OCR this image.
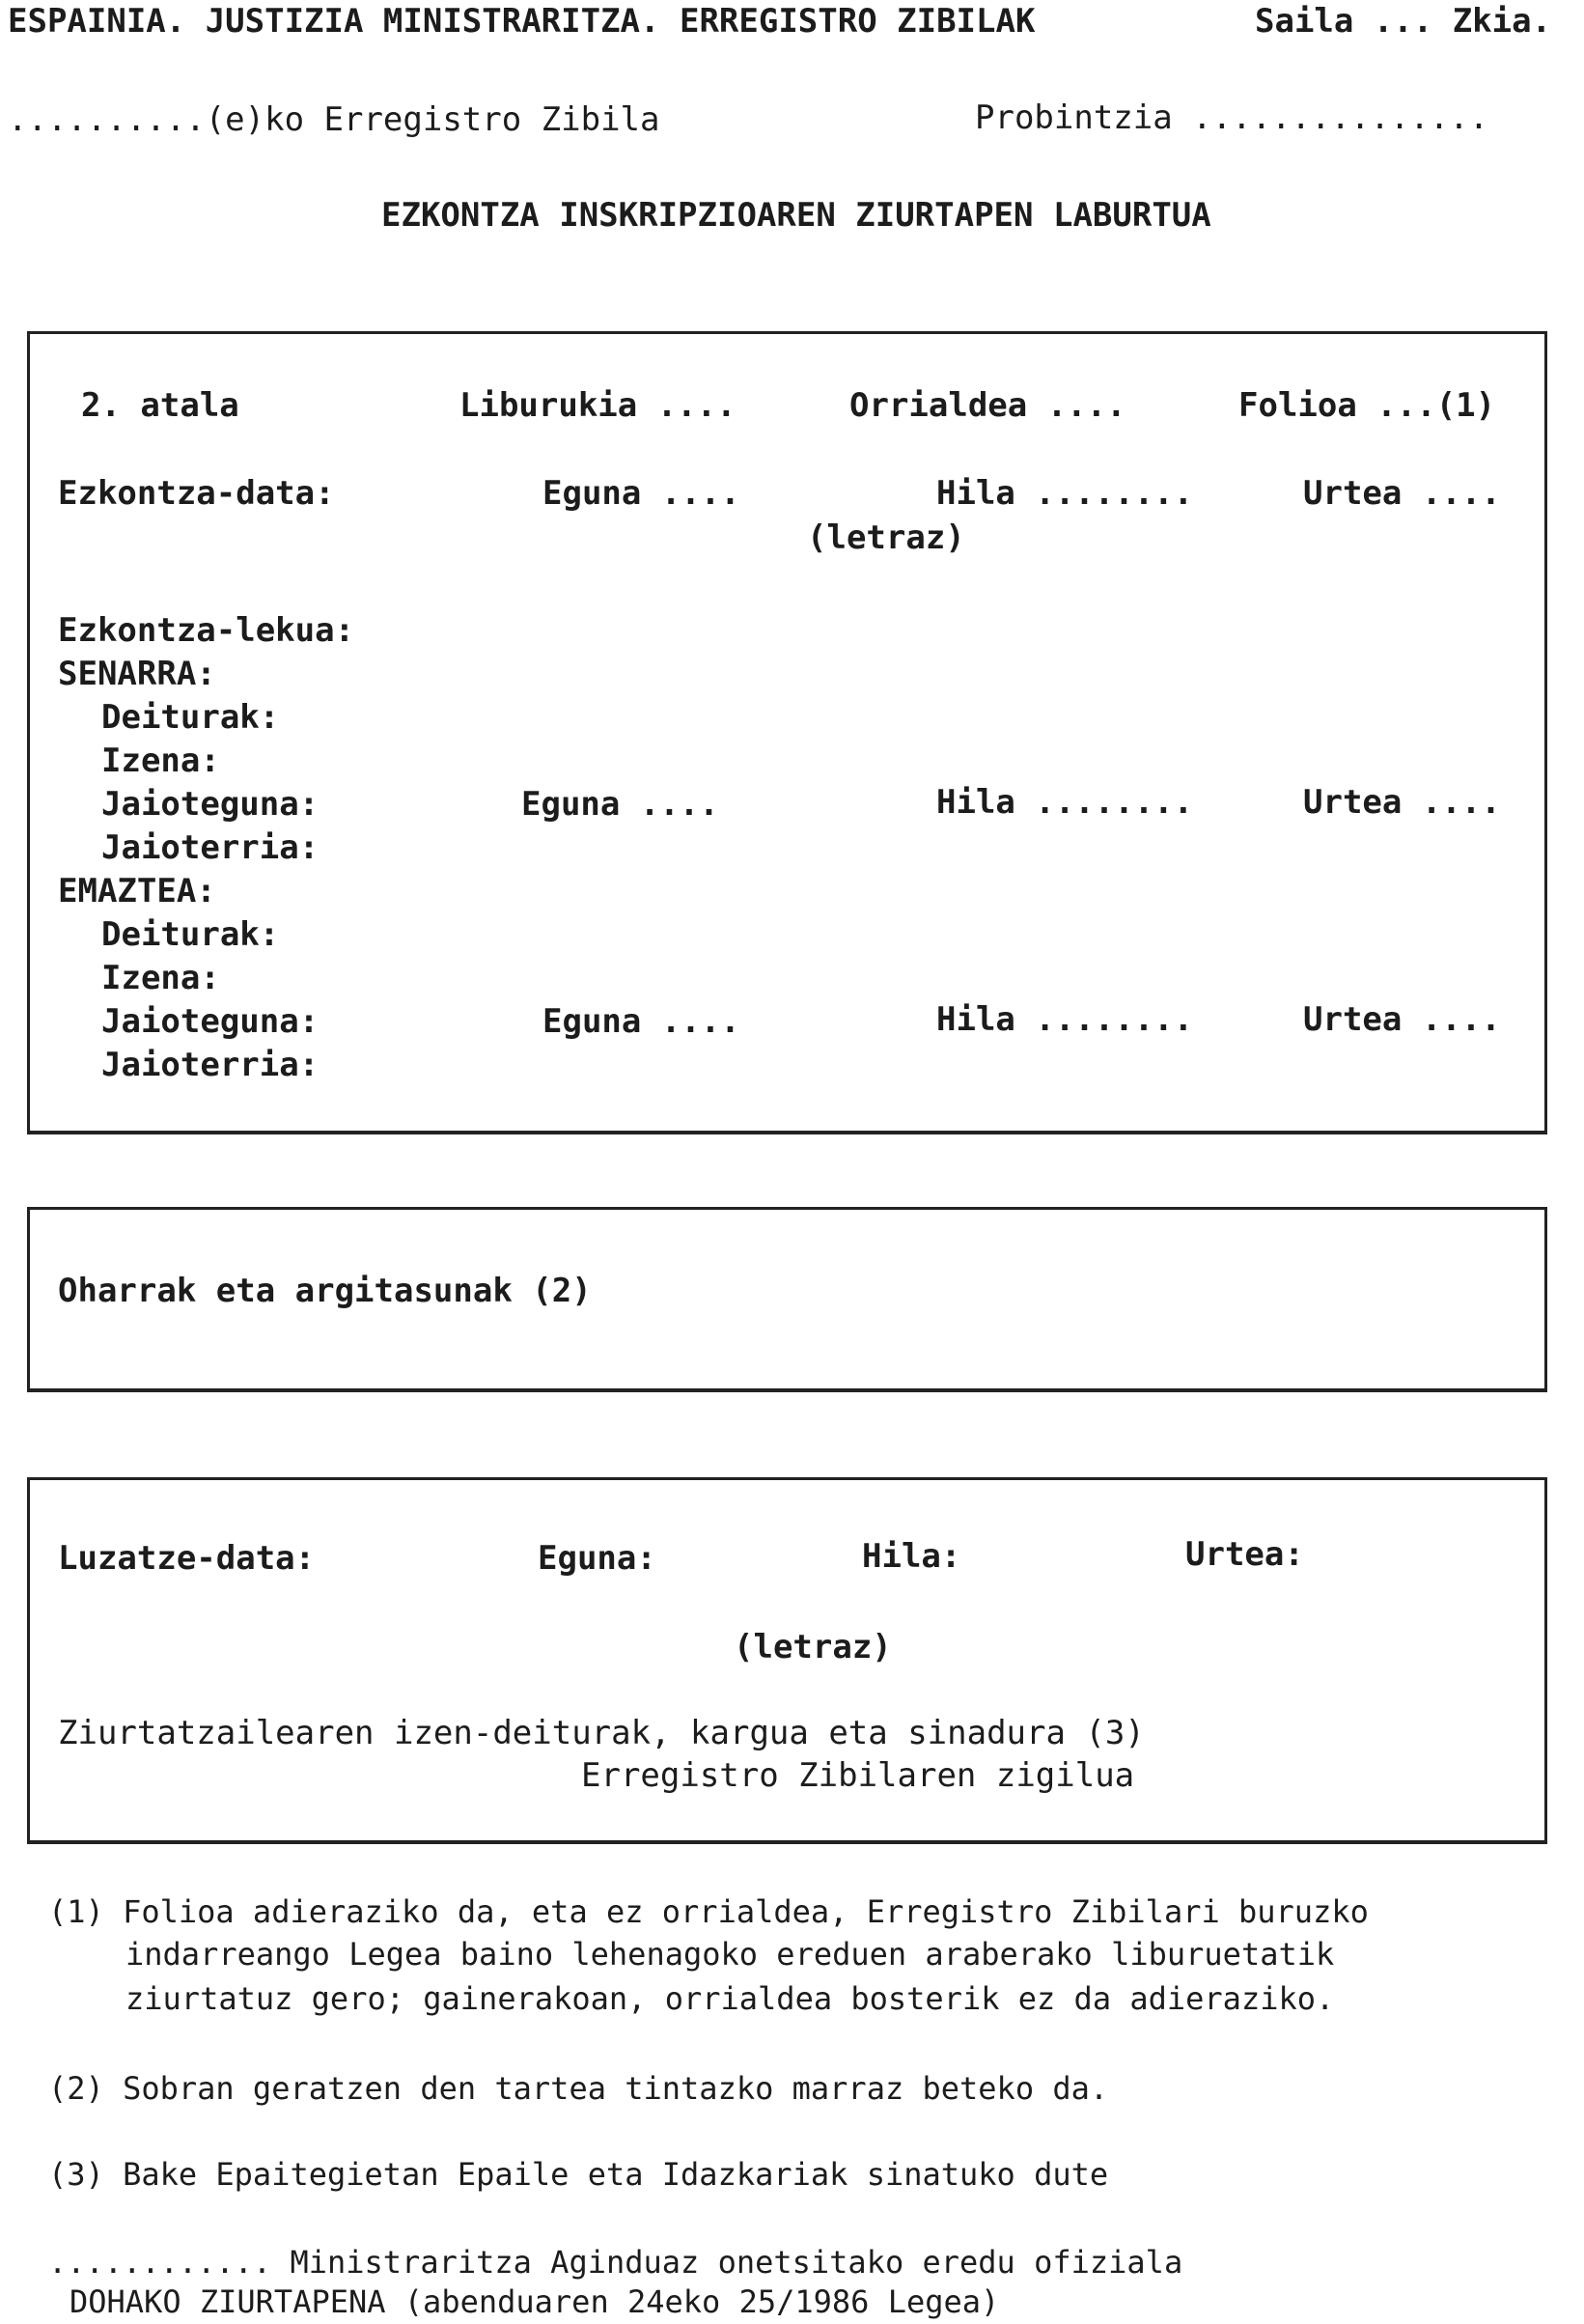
ESPAINIA. JUSTIZIA MINISTRARITZA. ERREGISTRO ZIBILAK	Saila ... Zkia.
..........(e)ko Erregistro Zibila	Probintzia ...............
EZKONTZA INSKRIPZIOAREN ZIURTAPEN LABURTUA
2. atala	Liburukia ....	Orrialdea ....	Folioa ...(1)
Ezkontza-data:	Eguna ....	Hila ........	Urtea ....
(letraz)
Ezkontza-lekua:
SENARRA:
Deiturak:
Izena:
Jaioteguna:	Eguna ....	Hila ........	Urtea ....
Jaioterria:
EMAZTEA:
Deiturak:
Izena:
Jaioteguna:	Eguna ....	Hila ........	Urtea ....
Jaioterria:
Oharrak eta argitasunak (2)
Luzatze-data:	Eguna:	Hila:	Urtea:
(letraz)
Ziurtatzailearen izen-deiturak, kargua eta sinadura (3)
Erregistro Zibilaren zigilua
(1) Folioa adieraziko da, eta ez orrialdea, Erregistro Zibilari buruzko
indarreango Legea baino lehenagoko ereduen araberako liburuetatik
ziurtatuz gero; gainerakoan, orrialdea bosterik ez da adieraziko.
(2) Sobran geratzen den tartea tintazko marraz beteko da.
(3) Bake Epaitegietan Epaile eta Idazkariak sinatuko dute
............ Ministraritza Aginduaz onetsitako eredu ofiziala
DOHAKO ZIURTAPENA (abenduaren 24eko 25/1986 Legea)
